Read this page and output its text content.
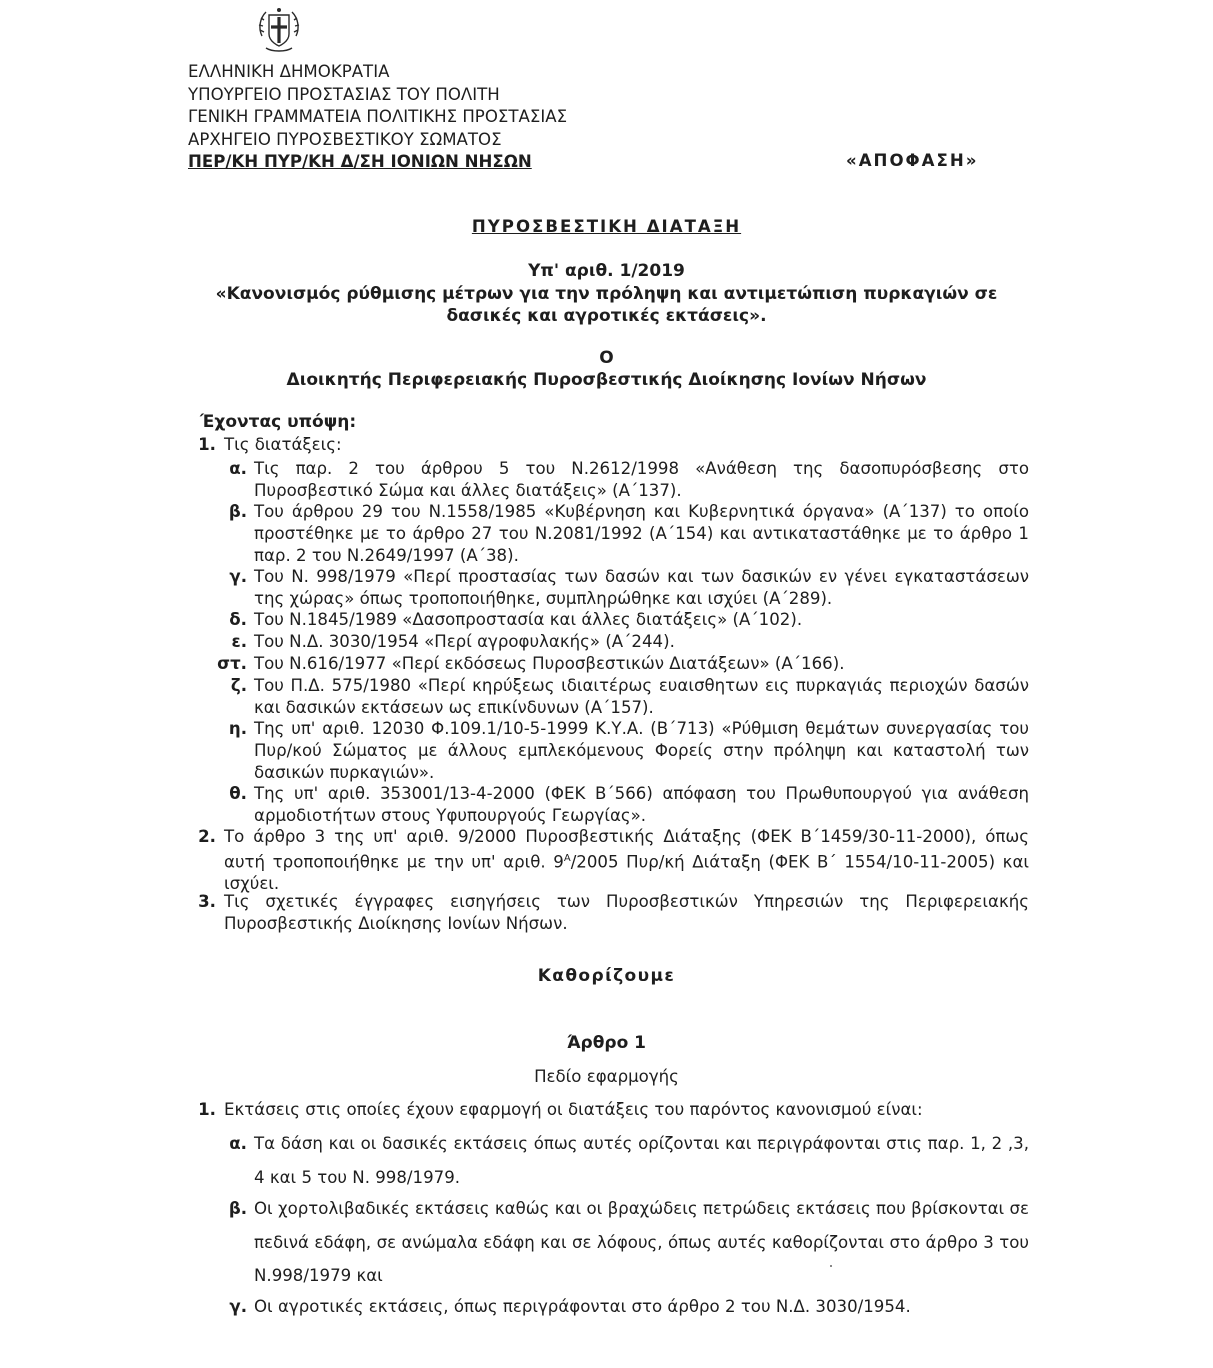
ΕΛΛΗΝΙΚΗ ΔΗΜΟΚΡΑΤΙΑ
ΥΠΟΥΡΓΕΙΟ ΠΡΟΣΤΑΣΙΑΣ ΤΟΥ ΠΟΛΙΤΗ
ΓΕΝΙΚΗ ΓΡΑΜΜΑΤΕΙΑ ΠΟΛΙΤΙΚΗΣ ΠΡΟΣΤΑΣΙΑΣ
ΑΡΧΗΓΕΙΟ ΠΥΡΟΣΒΕΣΤΙΚΟΥ ΣΩΜΑΤΟΣ
ΠΕΡ/ΚΗ ΠΥΡ/ΚΗ Δ/ΣΗ ΙΟΝΙΩΝ ΝΗΣΩΝ	«ΑΠΟΦΑΣΗ»
ΠΥΡΟΣΒΕΣΤΙΚΗ ΔΙΑΤΑΞΗ
Υπ' αριθ. 1/2019
«Κανονισμός ρύθμισης μέτρων για την πρόληψη και αντιμετώπιση πυρκαγιών σε
δασικές και αγροτικές εκτάσεις».
Ο
Διοικητής Περιφερειακής Πυροσβεστικής Διοίκησης Ιονίων Νήσων
Έχοντας υπόψη:
1. Τις διατάξεις:
α. Τις παρ. 2 του άρθρου 5 του Ν.2612/1998 «Ανάθεση της δασοπυρόσβεσης στο Πυροσβεστικό Σώμα και άλλες διατάξεις» (Α΄137).
β. Του άρθρου 29 του Ν.1558/1985 «Κυβέρνηση και Κυβερνητικά όργανα» (Α΄137) το οποίο προστέθηκε με το άρθρο 27 του Ν.2081/1992 (Α΄154) και αντικαταστάθηκε με το άρθρο 1 παρ. 2 του Ν.2649/1997 (Α΄38).
γ. Του Ν. 998/1979 «Περί προστασίας των δασών και των δασικών εν γένει εγκαταστάσεων της χώρας» όπως τροποποιήθηκε, συμπληρώθηκε και ισχύει (Α΄289).
δ. Του Ν.1845/1989 «Δασοπροστασία και άλλες διατάξεις» (Α΄102).
ε. Του Ν.Δ. 3030/1954 «Περί αγροφυλακής» (Α΄244).
στ. Του Ν.616/1977 «Περί εκδόσεως Πυροσβεστικών Διατάξεων» (Α΄166).
ζ. Του Π.Δ. 575/1980 «Περί κηρύξεως ιδιαιτέρως ευαισθητων εις πυρκαγιάς περιοχών δασών και δασικών εκτάσεων ως επικίνδυνων (Α΄157).
η. Της υπ' αριθ. 12030 Φ.109.1/10-5-1999 Κ.Υ.Α. (Β΄713) «Ρύθμιση θεμάτων συνεργασίας του Πυρ/κού Σώματος με άλλους εμπλεκόμενους Φορείς στην πρόληψη και καταστολή των δασικών πυρκαγιών».
θ. Της υπ' αριθ. 353001/13-4-2000 (ΦΕΚ Β΄566) απόφαση του Πρωθυπουργού για ανάθεση αρμοδιοτήτων στους Υφυπουργούς Γεωργίας».
2. Το άρθρο 3 της υπ' αριθ. 9/2000 Πυροσβεστικής Διάταξης (ΦΕΚ Β΄1459/30-11-2000), όπως αυτή τροποποιήθηκε με την υπ' αριθ. $9^A/2005$ Πυρ/κή Διάταξη (ΦΕΚ Β΄ 1554/10-11-2005) και ισχύει.
3. Τις σχετικές έγγραφες εισηγήσεις των Πυροσβεστικών Υπηρεσιών της Περιφερειακής Πυροσβεστικής Διοίκησης Ιονίων Νήσων.
Καθορίζουμε
Άρθρο 1
Πεδίο εφαρμογής
1. Εκτάσεις στις οποίες έχουν εφαρμογή οι διατάξεις του παρόντος κανονισμού είναι:
α. Τα δάση και οι δασικές εκτάσεις όπως αυτές ορίζονται και περιγράφονται στις παρ. 1, 2 ,3, 4 και 5 του Ν. 998/1979.
β. Οι χορτολιβαδικές εκτάσεις καθώς και οι βραχώδεις πετρώδεις εκτάσεις που βρίσκονται σε πεδινά εδάφη, σε ανώμαλα εδάφη και σε λόφους, όπως αυτές καθορίζονται στο άρθρο 3 του Ν.998/1979 και
γ. Οι αγροτικές εκτάσεις, όπως περιγράφονται στο άρθρο 2 του Ν.Δ. 3030/1954.
